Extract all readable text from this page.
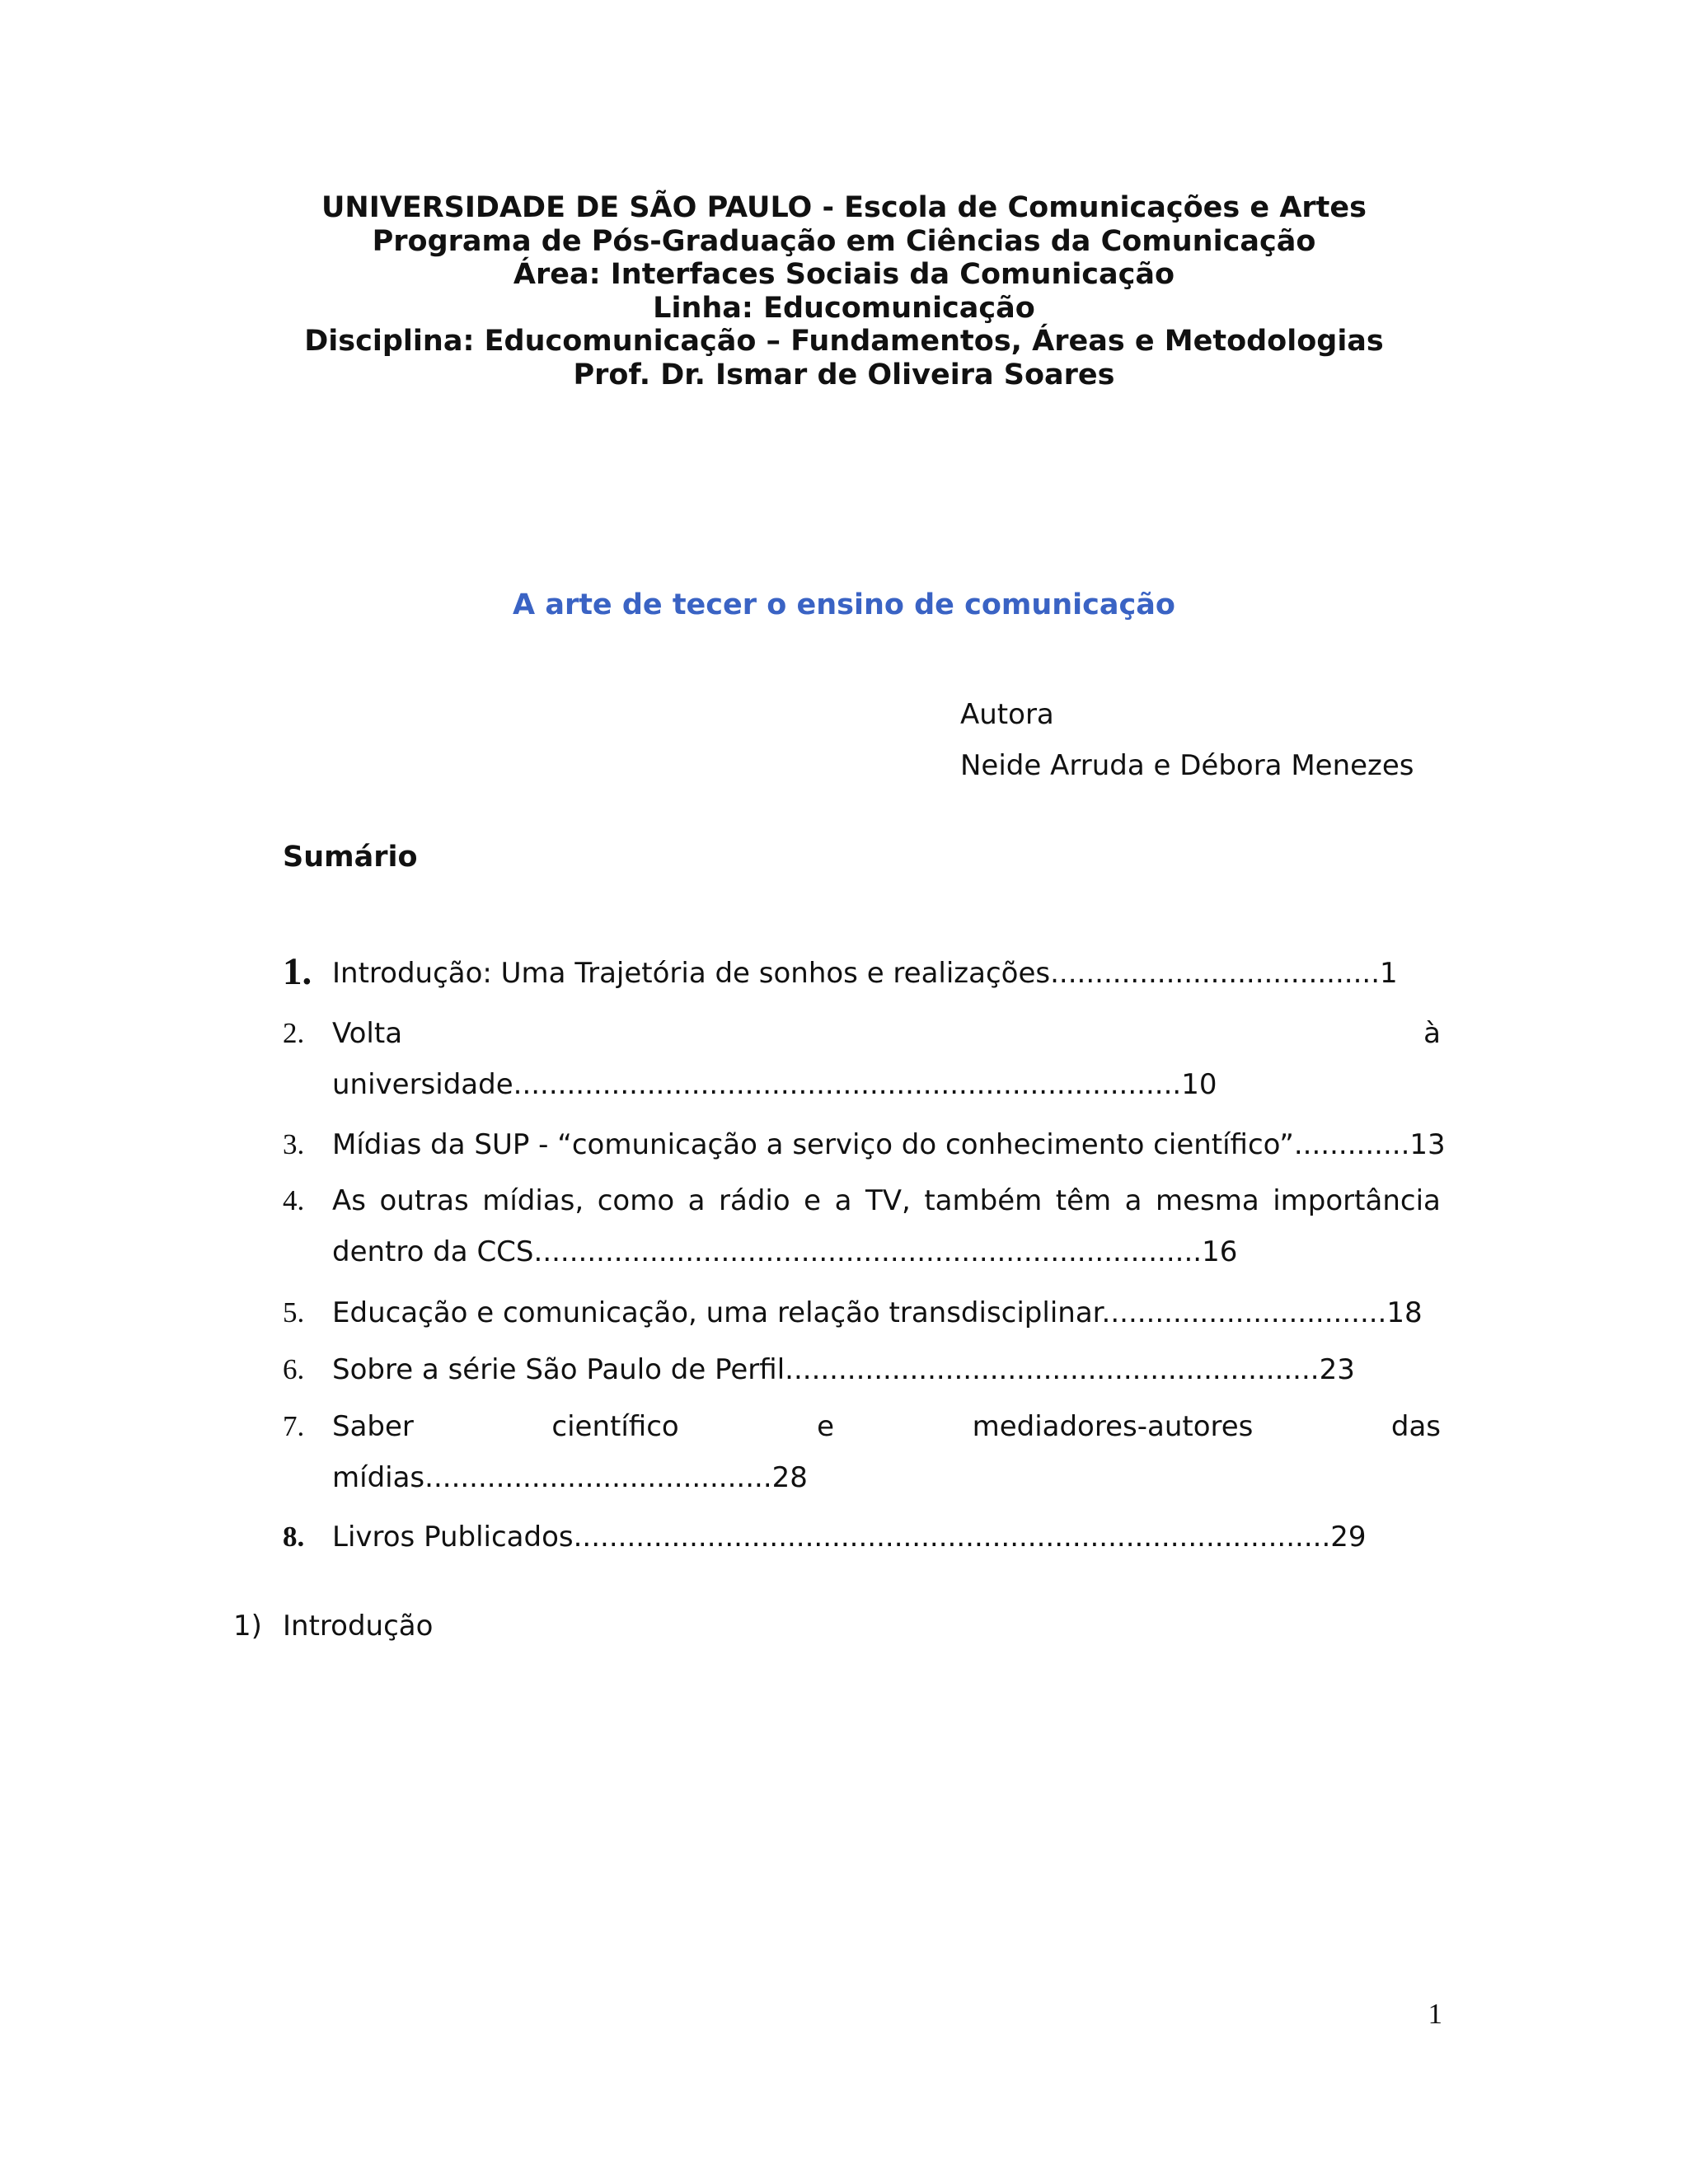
UNIVERSIDADE DE SÃO PAULO - Escola de Comunicações e Artes
Programa de Pós-Graduação em Ciências da Comunicação
Área: Interfaces Sociais da Comunicação
Linha: Educomunicação
Disciplina: Educomunicação – Fundamentos, Áreas e Metodologias
Prof. Dr. Ismar de Oliveira Soares
A arte de tecer o ensino de comunicação
Autora
Neide Arruda e Débora Menezes
Sumário
1. Introdução: Uma Trajetória de sonhos e realizações.....................................1
2. Volta	à
universidade...........................................................................10
3. Mídias da SUP - “comunicação a serviço do conhecimento científico”.............13
4. As outras mídias, como a rádio e a TV, também têm a mesma importância
dentro da CCS...........................................................................16
5. Educação e comunicação, uma relação transdisciplinar................................18
6. Sobre a série São Paulo de Perfil............................................................23
7. Saber	científico	e	mediadores-autores	das
mídias.......................................28
8. Livros Publicados.....................................................................................29
1) Introdução
1
